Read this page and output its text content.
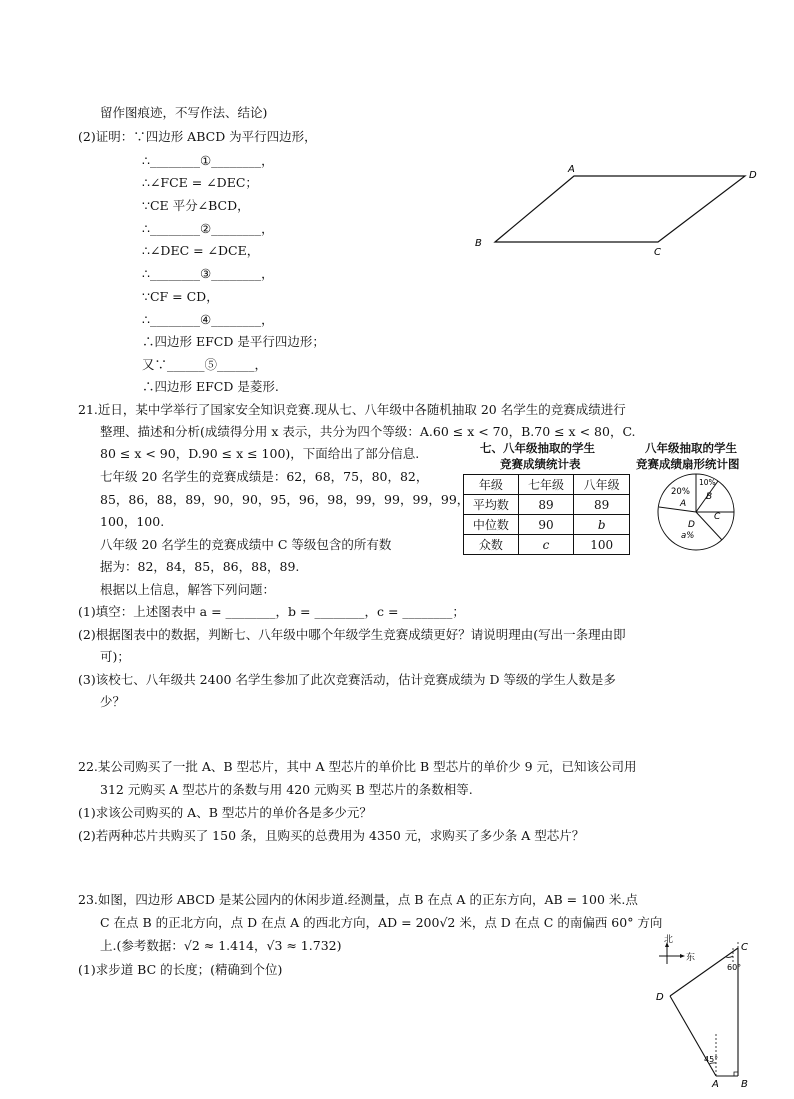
A
D
B
C
留作图痕迹，不写作法、结论)
(2)证明：∵四边形 ABCD 为平行四边形，
∴________①________，
∴∠FCE = ∠DEC；
∵CE 平分∠BCD，
∴________②________，
∴∠DEC = ∠DCE，
∴________③________，
∵CF = CD，
∴________④________，
∴四边形 EFCD 是平行四边形；
又∵______⑤______，
∴四边形 EFCD 是菱形.
21.近日，某中学举行了国家安全知识竞赛.现从七、八年级中各随机抽取 20 名学生的竞赛成绩进行
整理、描述和分析(成绩得分用 x 表示，共分为四个等级：A.60 ≤ x < 70，B.70 ≤ x < 80，C.
80 ≤ x < 90，D.90 ≤ x ≤ 100)，下面给出了部分信息.
七年级 20 名学生的竞赛成绩是：62，68，75，80，82，
85，86，88，89，90，90，95，96，98，99，99，99，99，
100，100.
八年级 20 名学生的竞赛成绩中 C 等级包含的所有数
据为：82，84，85，86，88，89.
根据以上信息，解答下列问题：
(1)填空：上述图表中 a = ________，b = ________，c = ________；
(2)根据图表中的数据，判断七、八年级中哪个年级学生竞赛成绩更好？请说明理由(写出一条理由即
可)；
(3)该校七、八年级共 2400 名学生参加了此次竞赛活动，估计竞赛成绩为 D 等级的学生人数是多
少？
七、八年级抽取的学生
竞赛成绩统计表
年级	七年级	八年级
平均数	89	89
中位数	90	b
众数	c	100
八年级抽取的学生
竞赛成绩扇形统计图
20%
10%
A
B
C
D
a%
22.某公司购买了一批 A、B 型芯片，其中 A 型芯片的单价比 B 型芯片的单价少 9 元，已知该公司用
312 元购买 A 型芯片的条数与用 420 元购买 B 型芯片的条数相等.
(1)求该公司购买的 A、B 型芯片的单价各是多少元？
(2)若两种芯片共购买了 150 条，且购买的总费用为 4350 元，求购买了多少条 A 型芯片？
23.如图，四边形 ABCD 是某公园内的休闲步道.经测量，点 B 在点 A 的正东方向，AB = 100 米.点
C 在点 B 的正北方向，点 D 在点 A 的西北方向，AD = 200√2 米，点 D 在点 C 的南偏西 60° 方向
上.(参考数据：√2 ≈ 1.414，√3 ≈ 1.732)
(1)求步道 BC 的长度；(精确到个位)
北
东
60°
45°
C
D
A B
